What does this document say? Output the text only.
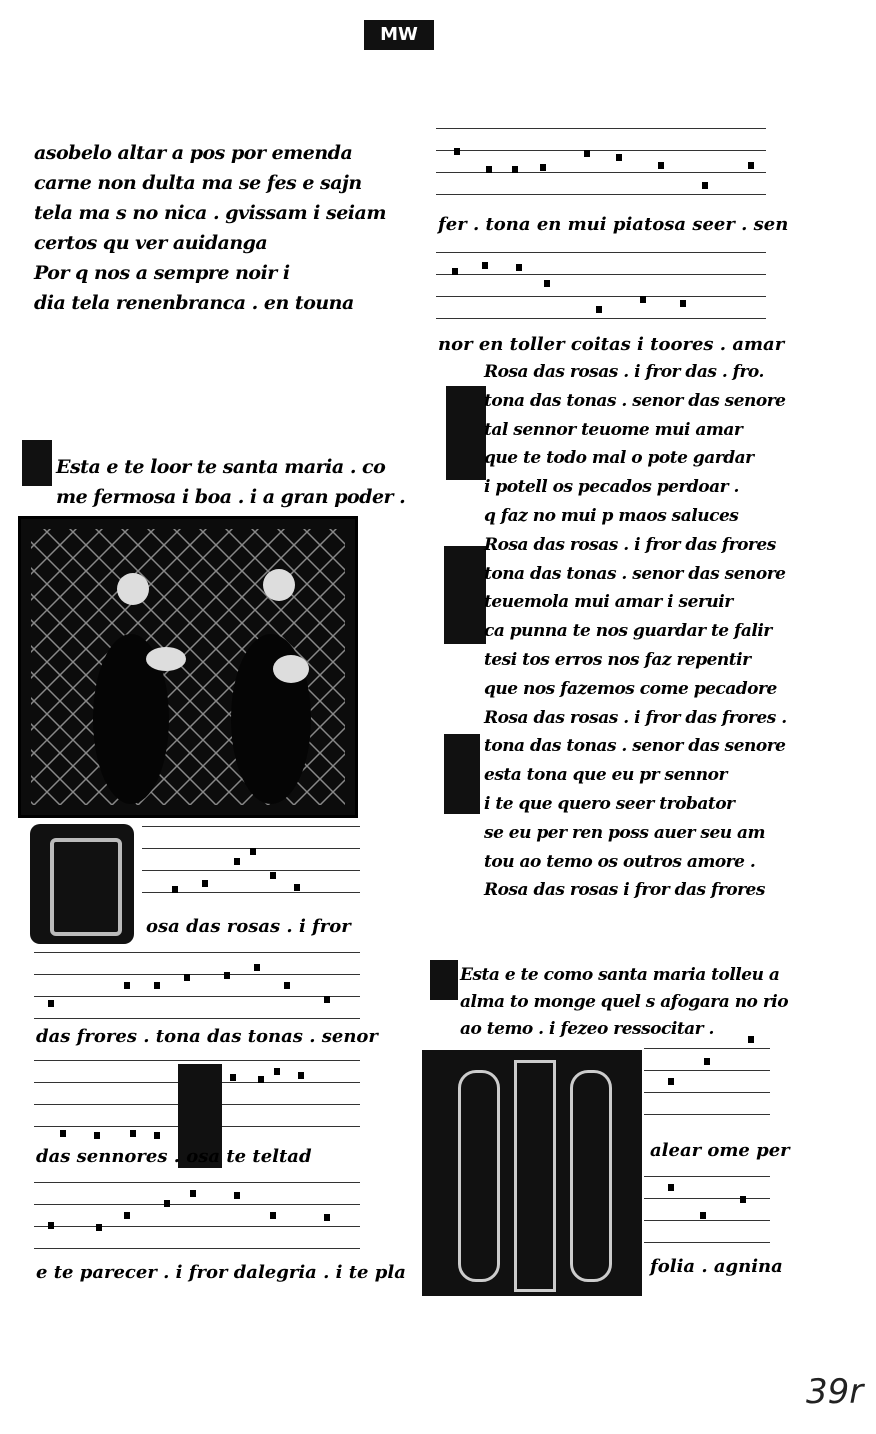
MW
asobelo altar a pos por emenda
carne non dulta ma se fes e sajn
tela ma s no nica . gvissam i seiam
certos qu ver auidanga
Por q nos a sempre noir i
dia tela renenbranca . en touna
Esta e te loor te santa maria . co
me fermosa i boa . i a gran poder .
osa das rosas . i fror
das frores . tona das tonas . senor
das sennores . osa te teltad
e te parecer . i fror dalegria . i te pla
fer . tona en mui piatosa seer . sen
nor en toller coitas i toores . amar
Rosa das rosas . i fror das . fro.
tona das tonas . senor das senore
tal sennor teuome mui amar
que te todo mal o pote gardar
i potell os pecados perdoar .
q faz no mui p maos saluces
Rosa das rosas . i fror das frores
tona das tonas . senor das senore
teuemola mui amar i seruir
ca punna te nos guardar te falir
tesi tos erros nos faz repentir
que nos fazemos come pecadore
Rosa das rosas . i fror das frores .
tona das tonas . senor das senore
esta tona que eu pr sennor
i te que quero seer trobator
se eu per ren poss auer seu am
tou ao temo os outros amore .
Rosa das rosas i fror das frores
Esta e te como santa maria tolleu a
alma to monge quel s afogara no rio
ao temo . i fezeo ressocitar .
alear ome per
folia . agnina
39r
